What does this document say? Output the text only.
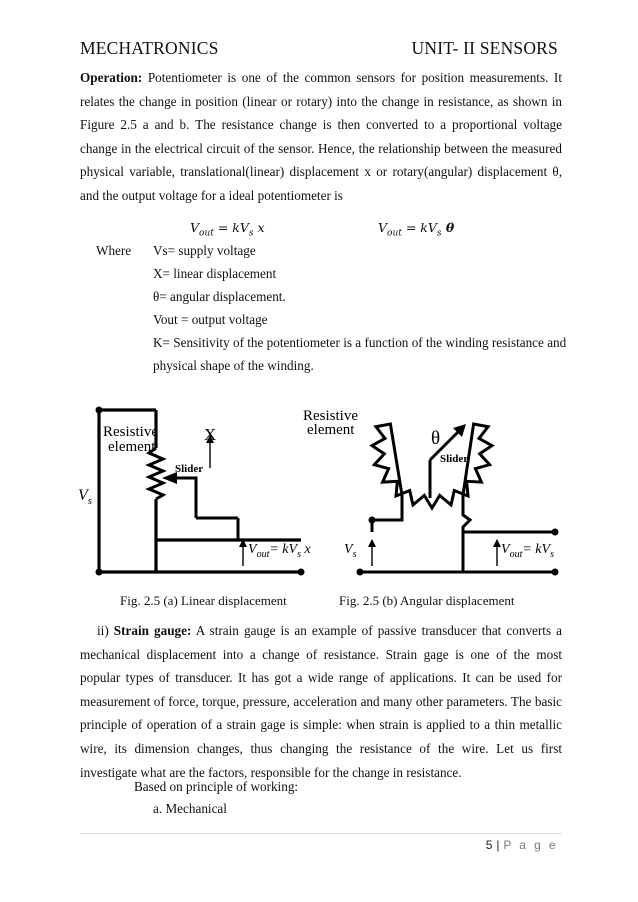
MECHATRONICS	UNIT- II SENSORS
Operation: Potentiometer is one of the common sensors for position measurements. It relates the change in position (linear or rotary) into the change in resistance, as shown in Figure 2.5 a and b. The resistance change is then converted to a proportional voltage change in the electrical circuit of the sensor. Hence, the relationship between the measured physical variable, translational(linear) displacement x or rotary(angular) displacement θ, and the output voltage for a ideal potentiometer is
$V_{out} = kV_s$ x	$V_{out} = kV_s$ θ
Where Vs= supply voltage
X= linear displacement
θ= angular displacement.
Vout = output voltage
K= Sensitivity of the potentiometer is a function of the winding resistance and
physical shape of the winding.
Resistive
element
X
Slider
$V_s$
$V_{out}= kV_s$ x
Resistive
element	θ
Slider
$V_s$	$V_{out}= kV_s$
Fig. 2.5 (a) Linear displacement	Fig. 2.5 (b) Angular displacement
ii) Strain gauge: A strain gauge is an example of passive transducer that converts a mechanical displacement into a change of resistance. Strain gage is one of the most popular types of transducer. It has got a wide range of applications. It can be used for measurement of force, torque, pressure, acceleration and many other parameters. The basic principle of operation of a strain gage is simple: when strain is applied to a thin metallic wire, its dimension changes, thus changing the resistance of the wire. Let us first investigate what are the factors, responsible for the change in resistance.
Based on principle of working:
a. Mechanical
5 | P a g e
